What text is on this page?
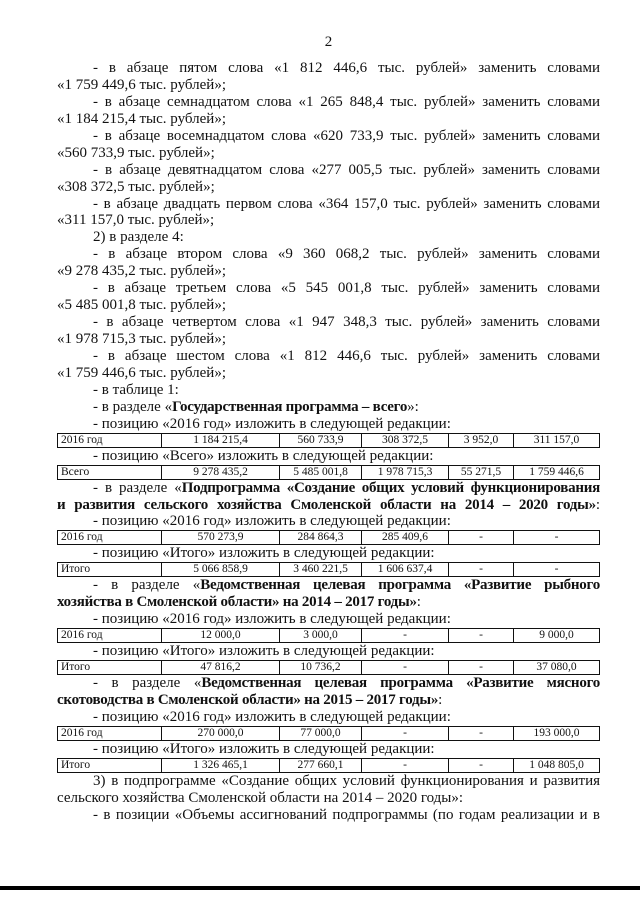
2
- в абзаце пятом слова «1 812 446,6 тыс. рублей» заменить словами
«1 759 449,6 тыс. рублей»;
- в абзаце семнадцатом слова «1 265 848,4 тыс. рублей» заменить словами
«1 184 215,4 тыс. рублей»;
- в абзаце восемнадцатом слова «620 733,9 тыс. рублей» заменить словами
«560 733,9 тыс. рублей»;
- в абзаце девятнадцатом слова «277 005,5 тыс. рублей» заменить словами
«308 372,5 тыс. рублей»;
- в абзаце двадцать первом слова «364 157,0 тыс. рублей» заменить словами
«311 157,0 тыс. рублей»;
2) в разделе 4:
- в абзаце втором слова «9 360 068,2 тыс. рублей» заменить словами
«9 278 435,2 тыс. рублей»;
- в абзаце третьем слова «5 545 001,8 тыс. рублей» заменить словами
«5 485 001,8 тыс. рублей»;
- в абзаце четвертом слова «1 947 348,3 тыс. рублей» заменить словами
«1 978 715,3 тыс. рублей»;
- в абзаце шестом слова «1 812 446,6 тыс. рублей» заменить словами
«1 759 446,6 тыс. рублей»;
- в таблице 1:
- в разделе «Государственная программа – всего»:
- позицию «2016 год» изложить в следующей редакции:
2016 год	1 184 215,4	560 733,9	308 372,5	3 952,0	311 157,0
- позицию «Всего» изложить в следующей редакции:
Всего	9 278 435,2	5 485 001,8	1 978 715,3	55 271,5	1 759 446,6
- в разделе «Подпрограмма «Создание общих условий функционирования
и развития сельского хозяйства Смоленской области на 2014 – 2020 годы»:
- позицию «2016 год» изложить в следующей редакции:
2016 год	570 273,9	284 864,3	285 409,6	-	-
- позицию «Итого» изложить в следующей редакции:
Итого	5 066 858,9	3 460 221,5	1 606 637,4	-	-
- в разделе «Ведомственная целевая программа «Развитие рыбного
хозяйства в Смоленской области» на 2014 – 2017 годы»:
- позицию «2016 год» изложить в следующей редакции:
2016 год	12 000,0	3 000,0	-	-	9 000,0
- позицию «Итого» изложить в следующей редакции:
Итого	47 816,2	10 736,2	-	-	37 080,0
- в разделе «Ведомственная целевая программа «Развитие мясного
скотоводства в Смоленской области» на 2015 – 2017 годы»:
- позицию «2016 год» изложить в следующей редакции:
2016 год	270 000,0	77 000,0	-	-	193 000,0
- позицию «Итого» изложить в следующей редакции:
Итого	1 326 465,1	277 660,1	-	-	1 048 805,0
3) в подпрограмме «Создание общих условий функционирования и развития
сельского хозяйства Смоленской области на 2014 – 2020 годы»:
- в позиции «Объемы ассигнований подпрограммы (по годам реализации и в
